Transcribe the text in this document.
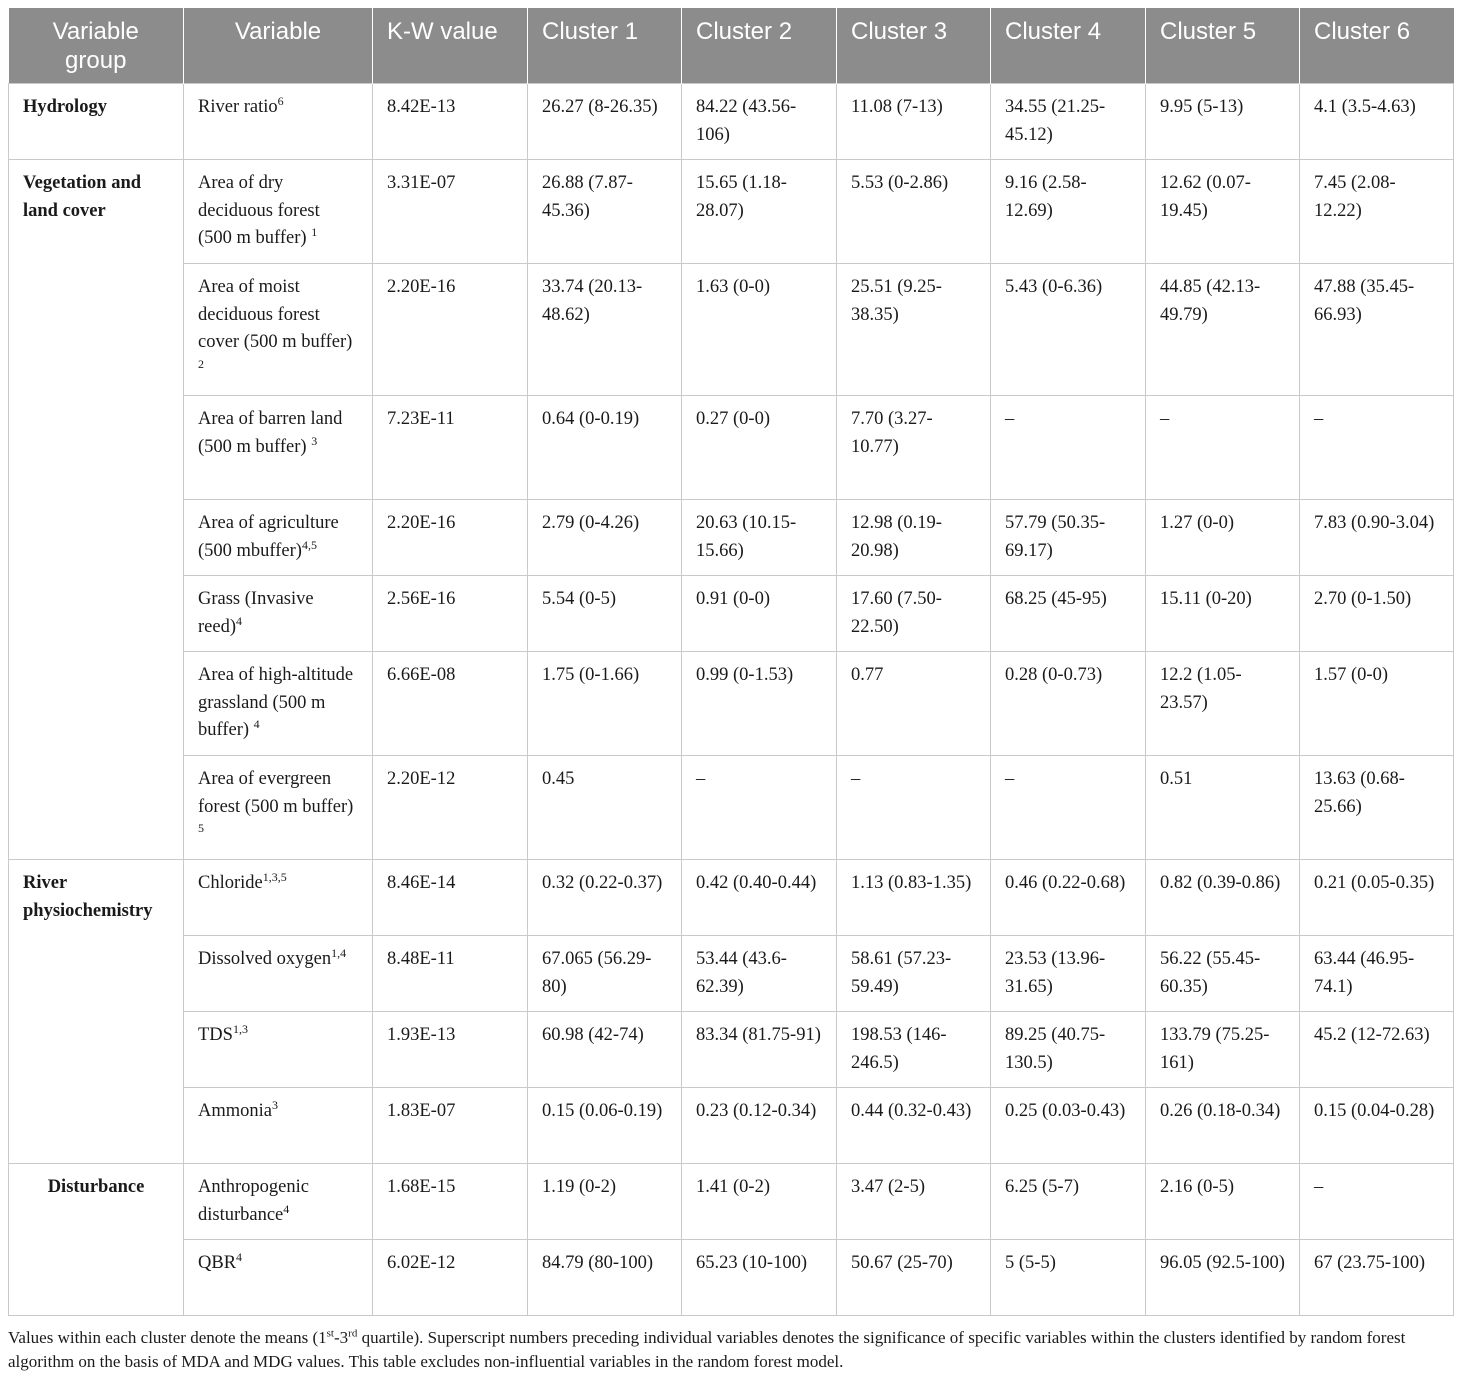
Variable group	Variable	K-W value	Cluster 1	Cluster 2	Cluster 3	Cluster 4	Cluster 5	Cluster 6
Hydrology	River ratio$^6$	8.42E-13	26.27 (8-26.35)	84.22 (43.56-106)	11.08 (7-13)	34.55 (21.25-45.12)	9.95 (5-13)	4.1 (3.5-4.63)
Vegetation and land cover	Area of dry deciduous forest (500 m buffer) $^1$	3.31E-07	26.88 (7.87-45.36)	15.65 (1.18-28.07)	5.53 (0-2.86)	9.16 (2.58-12.69)	12.62 (0.07-19.45)	7.45 (2.08-12.22)
	Area of moist deciduous forest cover (500 m buffer) $^2$	2.20E-16	33.74 (20.13-48.62)	1.63 (0-0)	25.51 (9.25-38.35)	5.43 (0-6.36)	44.85 (42.13-49.79)	47.88 (35.45-66.93)
	Area of barren land (500 m buffer) $^3$	7.23E-11	0.64 (0-0.19)	0.27 (0-0)	7.70 (3.27-10.77)	–	–	–
	Area of agriculture (500 mbuffer)$^{4,5}$	2.20E-16	2.79 (0-4.26)	20.63 (10.15-15.66)	12.98 (0.19-20.98)	57.79 (50.35-69.17)	1.27 (0-0)	7.83 (0.90-3.04)
	Grass (Invasive reed)$^4$	2.56E-16	5.54 (0-5)	0.91 (0-0)	17.60 (7.50-22.50)	68.25 (45-95)	15.11 (0-20)	2.70 (0-1.50)
	Area of high-altitude grassland (500 m buffer) $^4$	6.66E-08	1.75 (0-1.66)	0.99 (0-1.53)	0.77	0.28 (0-0.73)	12.2 (1.05-23.57)	1.57 (0-0)
	Area of evergreen forest (500 m buffer) $^5$	2.20E-12	0.45	–	–	–	0.51	13.63 (0.68-25.66)
River physiochemistry	Chloride$^{1,3,5}$	8.46E-14	0.32 (0.22-0.37)	0.42 (0.40-0.44)	1.13 (0.83-1.35)	0.46 (0.22-0.68)	0.82 (0.39-0.86)	0.21 (0.05-0.35)
	Dissolved oxygen$^{1,4}$	8.48E-11	67.065 (56.29-80)	53.44 (43.6-62.39)	58.61 (57.23-59.49)	23.53 (13.96-31.65)	56.22 (55.45-60.35)	63.44 (46.95-74.1)
	TDS$^{1,3}$	1.93E-13	60.98 (42-74)	83.34 (81.75-91)	198.53 (146-246.5)	89.25 (40.75-130.5)	133.79 (75.25-161)	45.2 (12-72.63)
	Ammonia$^3$	1.83E-07	0.15 (0.06-0.19)	0.23 (0.12-0.34)	0.44 (0.32-0.43)	0.25 (0.03-0.43)	0.26 (0.18-0.34)	0.15 (0.04-0.28)
Disturbance	Anthropogenic disturbance$^4$	1.68E-15	1.19 (0-2)	1.41 (0-2)	3.47 (2-5)	6.25 (5-7)	2.16 (0-5)	–
	QBR$^4$	6.02E-12	84.79 (80-100)	65.23 (10-100)	50.67 (25-70)	5 (5-5)	96.05 (92.5-100)	67 (23.75-100)
Values within each cluster denote the means (1st-3rd quartile). Superscript numbers preceding individual variables denotes the significance of specific variables within the clusters identified by random forest algorithm on the basis of MDA and MDG values. This table excludes non-influential variables in the random forest model.
